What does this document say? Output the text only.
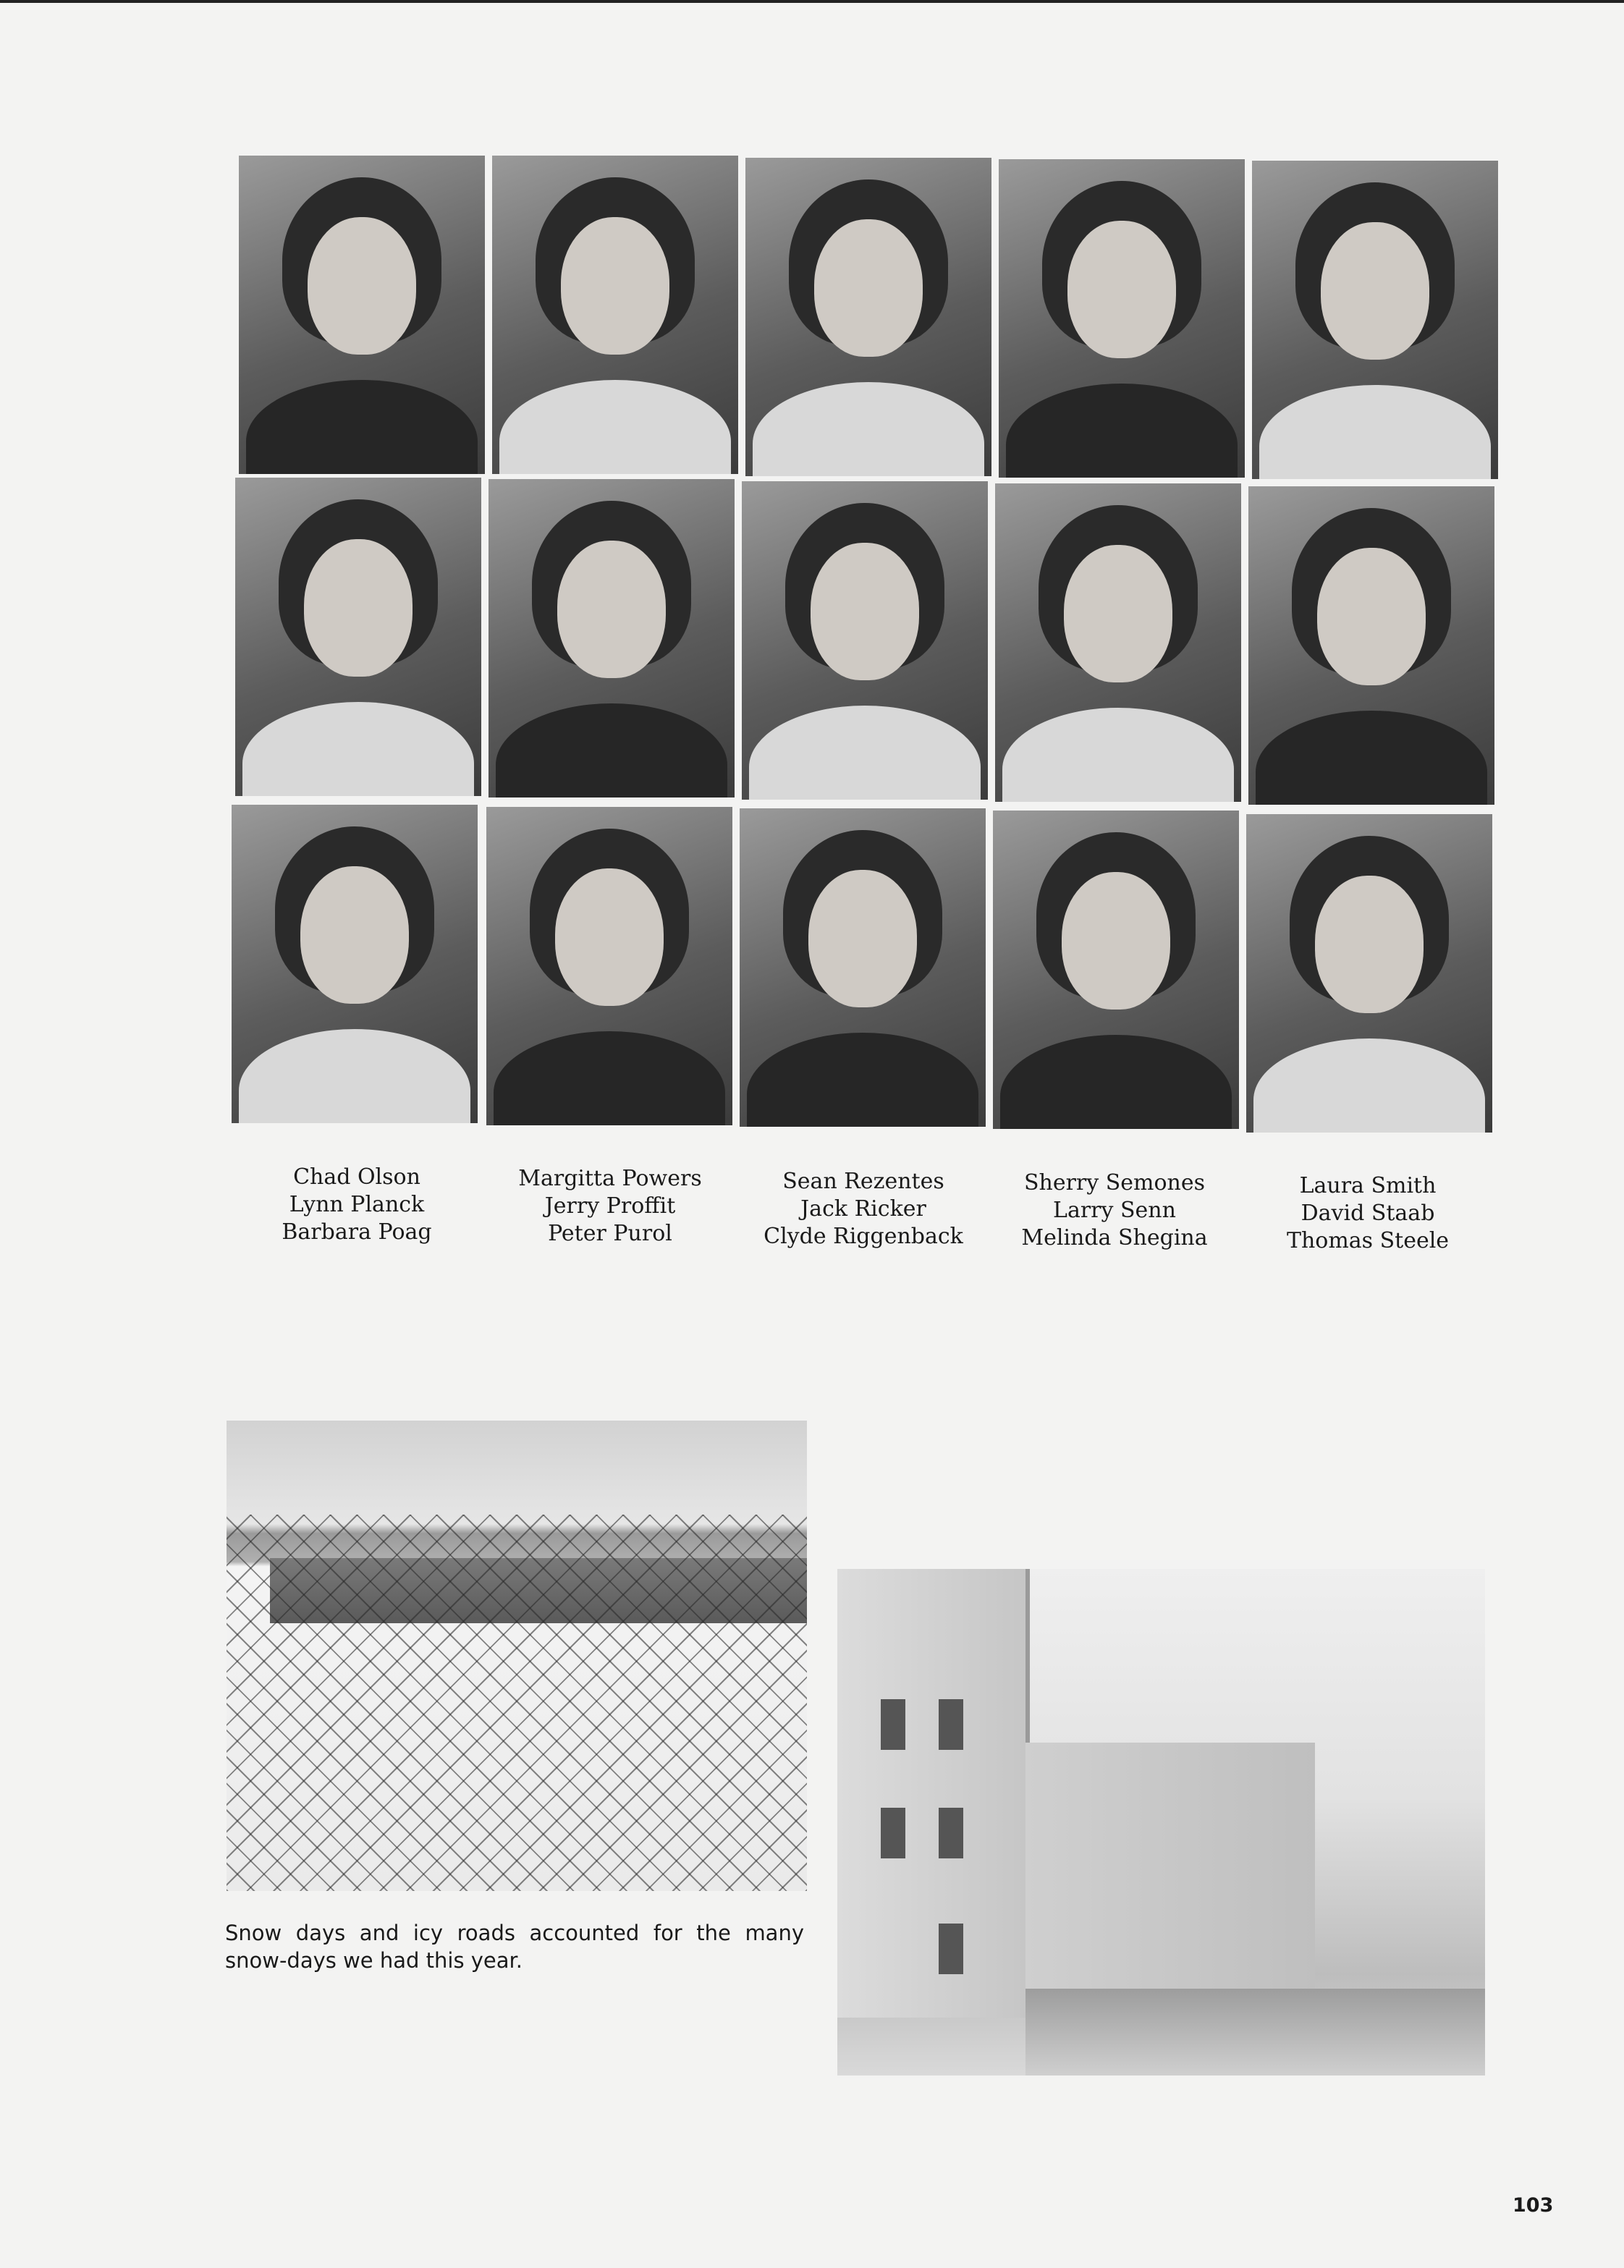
Chad Olson
Lynn Planck
Barbara Poag
Margitta Powers
Jerry Proffit
Peter Purol
Sean Rezentes
Jack Ricker
Clyde Riggenback
Sherry Semones
Larry Senn
Melinda Shegina
Laura Smith
David Staab
Thomas Steele
Snow days and icy roads accounted for the many snow-days we had this year.
103
